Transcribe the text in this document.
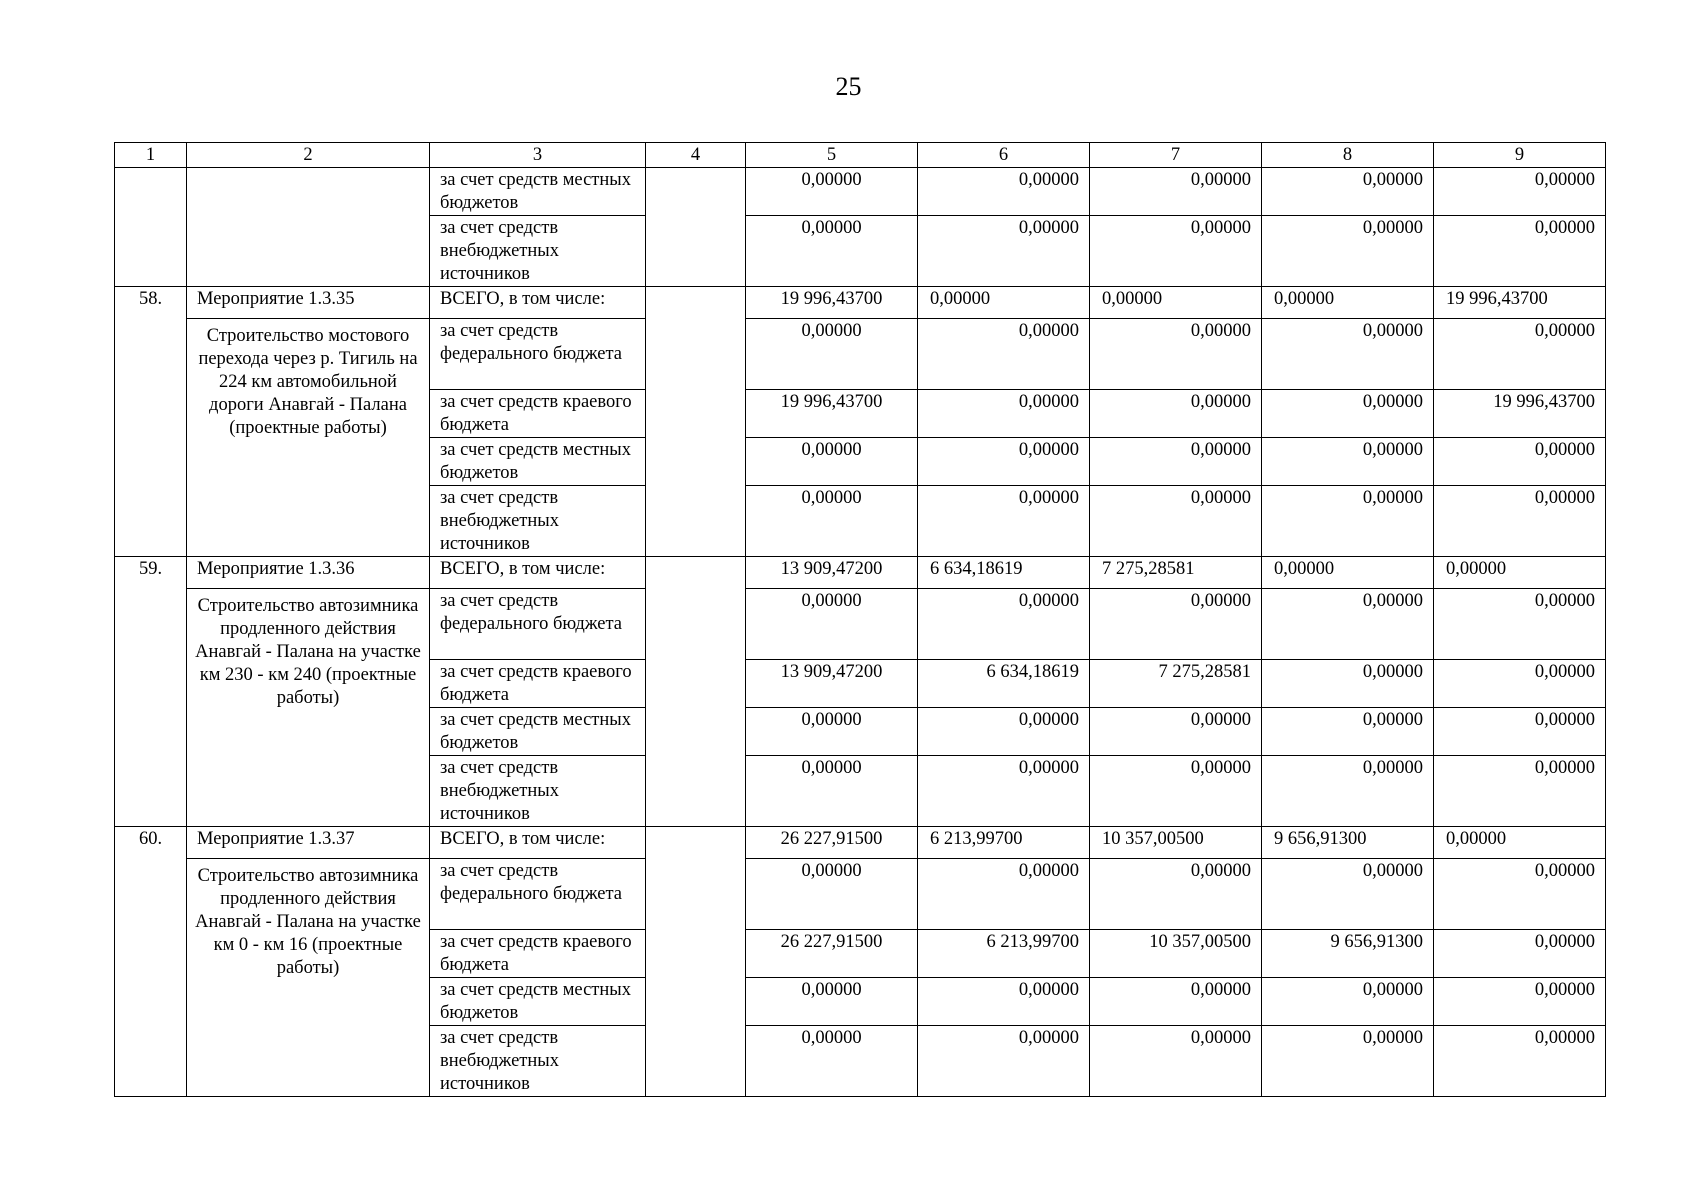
25
1	2	3	4	5	6	7	8	9
		за счет средств местных бюджетов		0,00000	0,00000	0,00000	0,00000	0,00000
		за счет средств внебюджетных источников		0,00000	0,00000	0,00000	0,00000	0,00000
58.	Мероприятие 1.3.35	ВСЕГО, в том числе:		19 996,43700	0,00000	0,00000	0,00000	19 996,43700
	Строительство мостового перехода через р. Тигиль на 224 км автомобильной дороги Анавгай - Палана (проектные работы)	за счет средств федерального бюджета		0,00000	0,00000	0,00000	0,00000	0,00000
		за счет средств краевого бюджета		19 996,43700	0,00000	0,00000	0,00000	19 996,43700
		за счет средств местных бюджетов		0,00000	0,00000	0,00000	0,00000	0,00000
		за счет средств внебюджетных источников		0,00000	0,00000	0,00000	0,00000	0,00000
59.	Мероприятие 1.3.36	ВСЕГО, в том числе:		13 909,47200	6 634,18619	7 275,28581	0,00000	0,00000
	Строительство автозимника продленного действия Анавгай - Палана на участке км 230 - км 240 (проектные работы)	за счет средств федерального бюджета		0,00000	0,00000	0,00000	0,00000	0,00000
		за счет средств краевого бюджета		13 909,47200	6 634,18619	7 275,28581	0,00000	0,00000
		за счет средств местных бюджетов		0,00000	0,00000	0,00000	0,00000	0,00000
		за счет средств внебюджетных источников		0,00000	0,00000	0,00000	0,00000	0,00000
60.	Мероприятие 1.3.37	ВСЕГО, в том числе:		26 227,91500	6 213,99700	10 357,00500	9 656,91300	0,00000
	Строительство автозимника продленного действия Анавгай - Палана на участке км 0 - км 16 (проектные работы)	за счет средств федерального бюджета		0,00000	0,00000	0,00000	0,00000	0,00000
		за счет средств краевого бюджета		26 227,91500	6 213,99700	10 357,00500	9 656,91300	0,00000
		за счет средств местных бюджетов		0,00000	0,00000	0,00000	0,00000	0,00000
		за счет средств внебюджетных источников		0,00000	0,00000	0,00000	0,00000	0,00000
